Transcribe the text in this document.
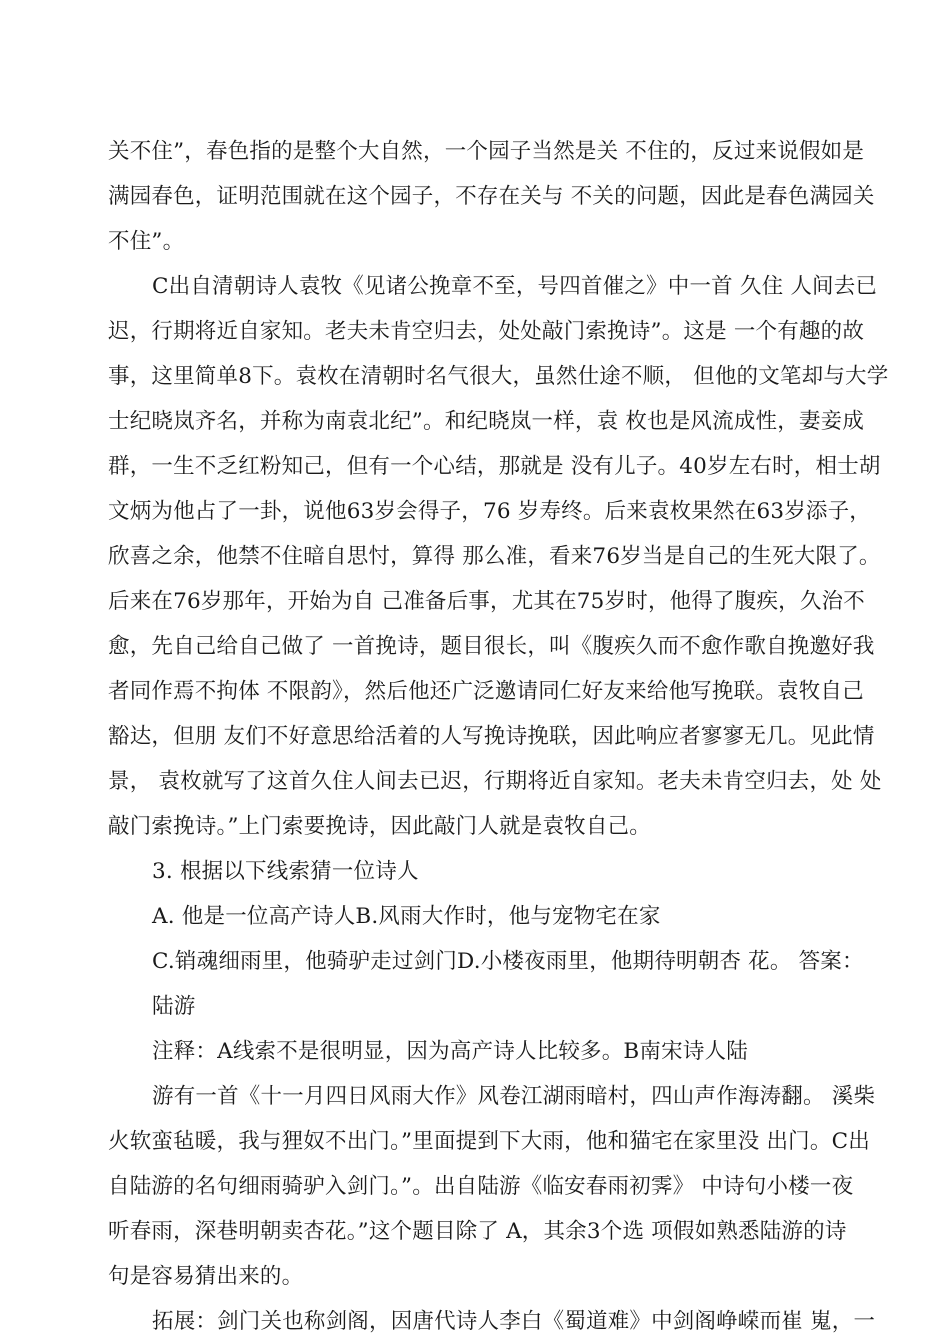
关不住”，春色指的是整个大自然，一个园子当然是关 不住的，反过来说假如是
满园春色，证明范围就在这个园子，不存在关与 不关的问题，因此是春色满园关
不住”。
C出自清朝诗人袁牧《见诸公挽章不至，号四首催之》中一首 久住 人间去已
迟，行期将近自家知。老夫未肯空归去，处处敲门索挽诗”。这是 一个有趣的故
事，这里简单8下。袁枚在清朝时名气很大，虽然仕途不顺， 但他的文笔却与大学
士纪晓岚齐名，并称为南袁北纪”。和纪晓岚一样，袁 枚也是风流成性，妻妾成
群，一生不乏红粉知己，但有一个心结，那就是 没有儿子。40岁左右时，相士胡
文炳为他占了一卦，说他63岁会得子，76 岁寿终。后来袁枚果然在63岁添子，
欣喜之余，他禁不住暗自思忖，算得 那么准，看来76岁当是自己的生死大限了。
后来在76岁那年，开始为自 己准备后事，尤其在75岁时，他得了腹疾，久治不
愈，先自己给自己做了 一首挽诗，题目很长，叫《腹疾久而不愈作歌自挽邀好我
者同作焉不拘体 不限韵》，然后他还广泛邀请同仁好友来给他写挽联。袁牧自己
豁达，但朋 友们不好意思给活着的人写挽诗挽联，因此响应者寥寥无几。见此情
景， 袁枚就写了这首久住人间去已迟，行期将近自家知。老夫未肯空归去，处 处
敲门索挽诗。”上门索要挽诗，因此敲门人就是袁牧自己。
3. 根据以下线索猜一位诗人
A. 他是一位高产诗人B.风雨大作时，他与宠物宅在家
C.销魂细雨里，他骑驴走过剑门D.小楼夜雨里，他期待明朝杏 花。 答案：
陆游
注释：A线索不是很明显，因为高产诗人比较多。B南宋诗人陆
游有一首《十一月四日风雨大作》风卷江湖雨暗村，四山声作海涛翻。 溪柴
火软蛮毡暖，我与狸奴不出门。”里面提到下大雨，他和猫宅在家里没 出门。C出
自陆游的名句细雨骑驴入剑门。”。出自陆游《临安春雨初霁》 中诗句小楼一夜
听春雨，深巷明朝卖杏花。”这个题目除了 A，其余3个选 项假如熟悉陆游的诗
句是容易猜出来的。
拓展：剑门关也称剑阁，因唐代诗人李白《蜀道难》中剑阁峥嵘而崔 嵬，一
